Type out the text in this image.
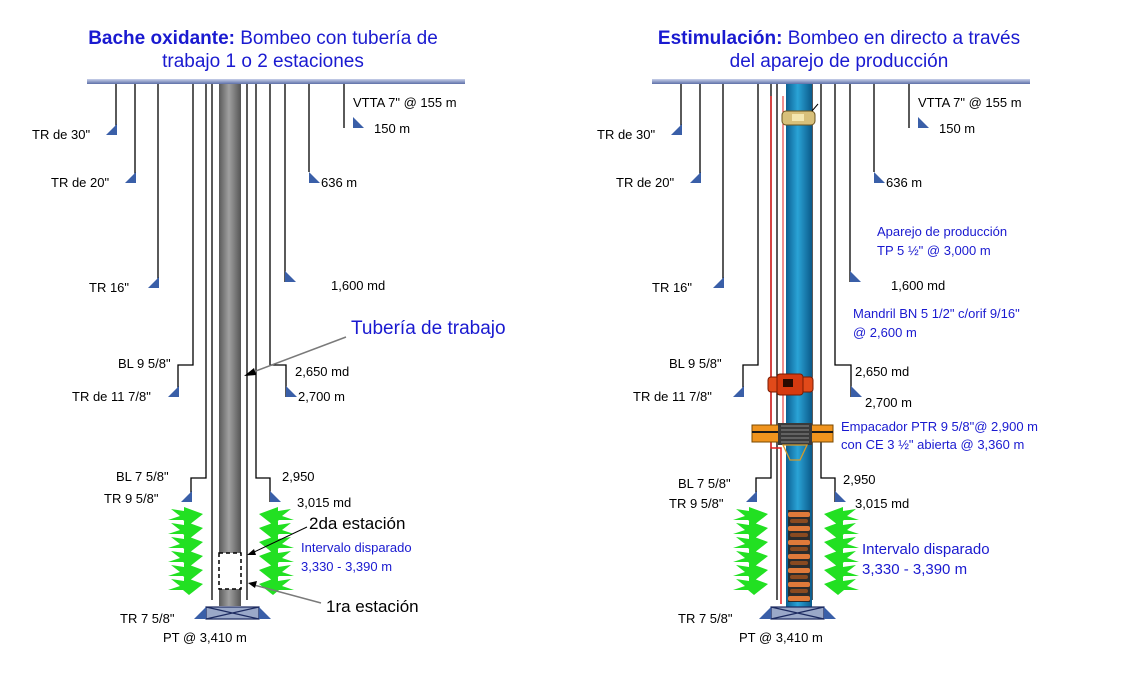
Bache oxidante: Bombeo con tubería de
trabajo 1 o 2 estaciones
VTTA 7" @ 155 m
150 m
TR de 30"
TR de 20"	636 m
TR 16"	1,600 md
Tubería de trabajo
BL 9 5/8"
2,650 md
TR de 11 7/8"	2,700 m
BL 7 5/8"	2,950
TR 9 5/8"	3,015 md
2da estación
Intervalo disparado
3,330 - 3,390 m
1ra estación
TR 7 5/8"
PT @ 3,410 m
Estimulación: Bombeo en directo a través
del aparejo de producción
VTTA 7" @ 155 m
150 m
TR de 30"
TR de 20"	636 m
Aparejo de producción
TP 5 ½" @ 3,000 m
TR 16"	1,600 md
Mandril BN 5 1/2" c/orif 9/16"
@ 2,600 m
BL 9 5/8"
2,650 md
TR de 11 7/8"	2,700 m
Empacador PTR 9 5/8"@ 2,900 m
con CE 3 ½" abierta @ 3,360 m
BL 7 5/8"	2,950
TR 9 5/8"	3,015 md
Intervalo disparado
3,330 - 3,390 m
TR 7 5/8"
PT @ 3,410 m
